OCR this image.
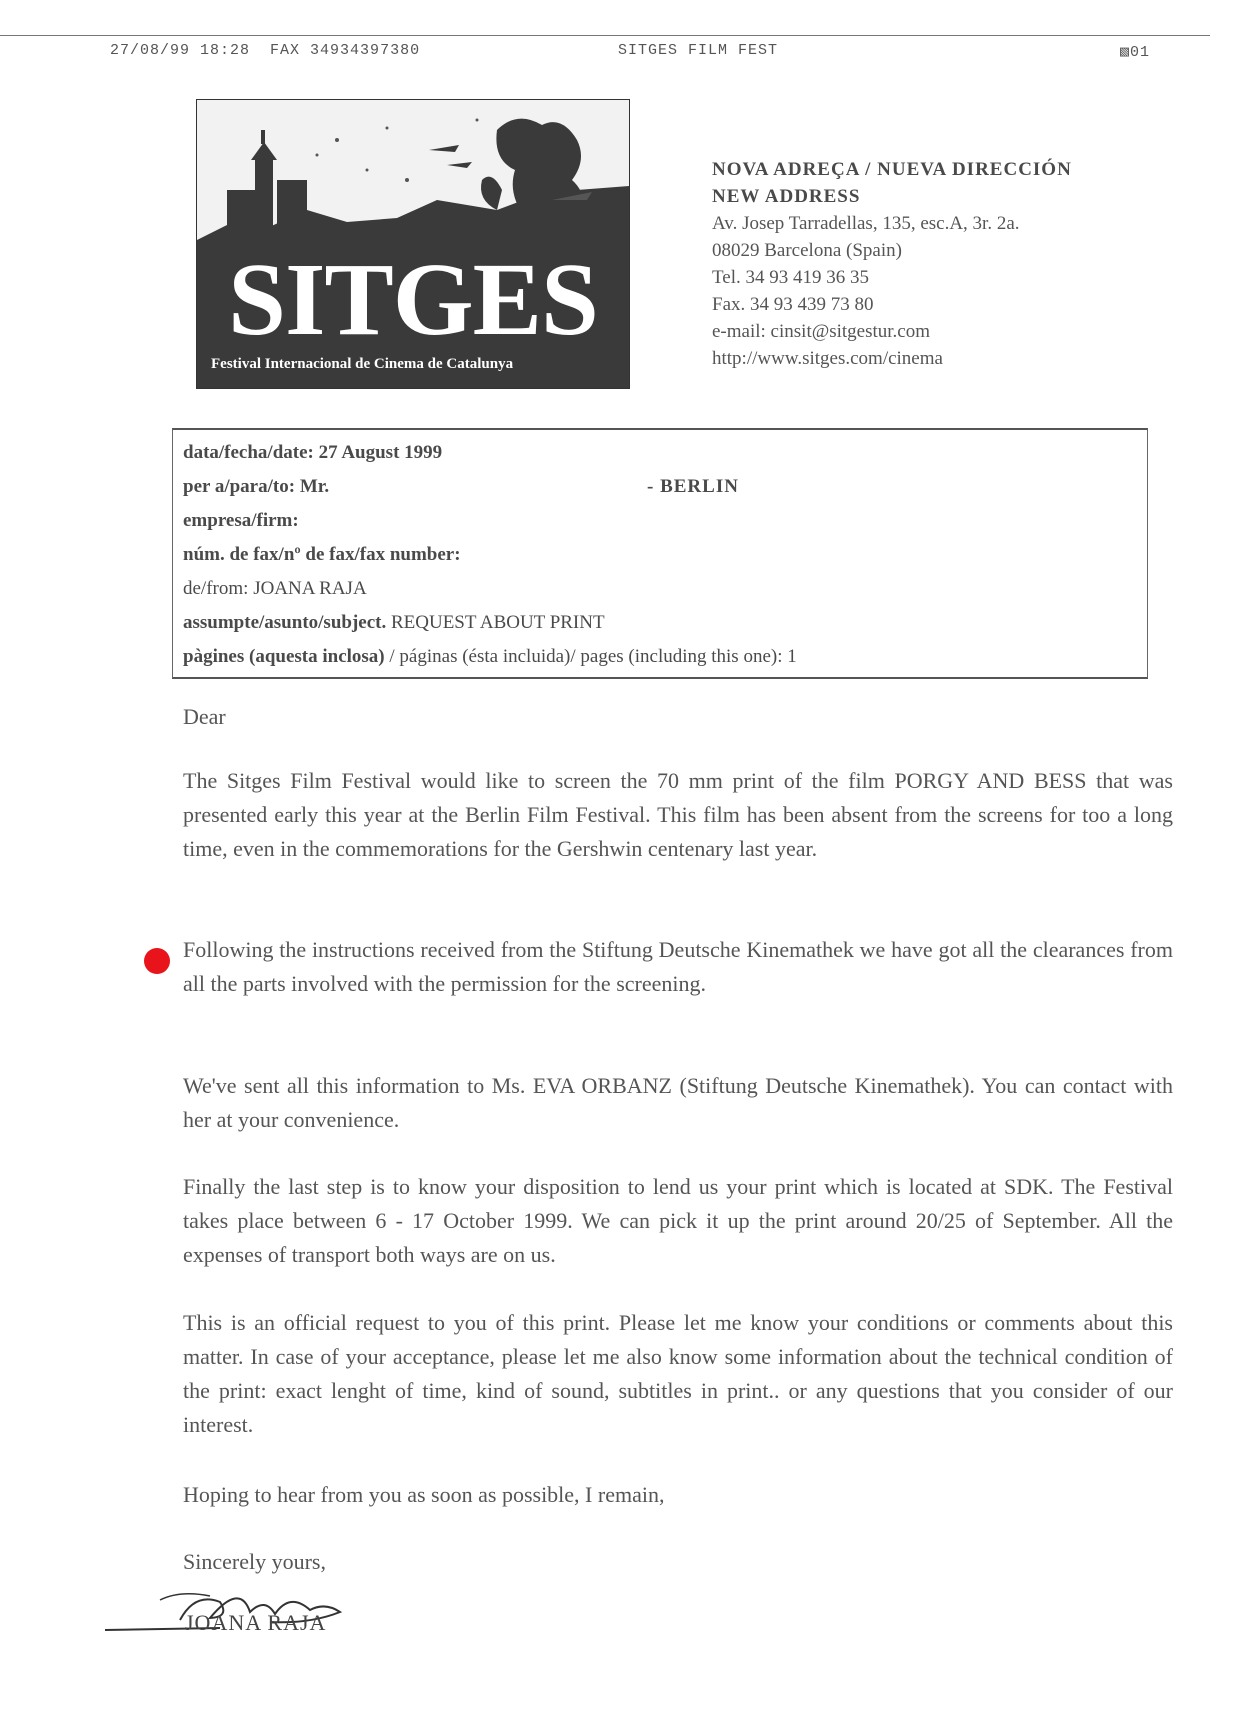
27/08/99 18:28 FAX 34934397380	SITGES FILM FEST	▧01
SITGES
Festival Internacional de Cinema de Catalunya
NOVA ADREÇA / NUEVA DIRECCIÓN
NEW ADDRESS
Av. Josep Tarradellas, 135, esc.A, 3r. 2a.
08029 Barcelona (Spain)
Tel. 34 93 419 36 35
Fax. 34 93 439 73 80
e-mail: cinsit@sitgestur.com
http://www.sitges.com/cinema
data/fecha/date: 27 August 1999
per a/para/to: Mr.	- BERLIN
empresa/firm:
núm. de fax/nº de fax/fax number:
de/from: JOANA RAJA
assumpte/asunto/subject. REQUEST ABOUT PRINT
pàgines (aquesta inclosa) / páginas (ésta incluida)/ pages (including this one): 1
Dear
The Sitges Film Festival would like to screen the 70 mm print of the film PORGY AND BESS that was presented early this year at the Berlin Film Festival. This film has been absent from the screens for too a long time, even in the commemorations for the Gershwin centenary last year.
Following the instructions received from the Stiftung Deutsche Kinemathek we have got all the clearances from all the parts involved with the permission for the screening.
We've sent all this information to Ms. EVA ORBANZ (Stiftung Deutsche Kinemathek). You can contact with her at your convenience.
Finally the last step is to know your disposition to lend us your print which is located at SDK. The Festival takes place between 6 - 17 October 1999. We can pick it up the print around 20/25 of September. All the expenses of transport both ways are on us.
This is an official request to you of this print. Please let me know your conditions or comments about this matter. In case of your acceptance, please let me also know some information about the technical condition of the print: exact lenght of time, kind of sound, subtitles in print.. or any questions that you consider of our interest.
Hoping to hear from you as soon as possible, I remain,
Sincerely yours,
JOANA RAJA
